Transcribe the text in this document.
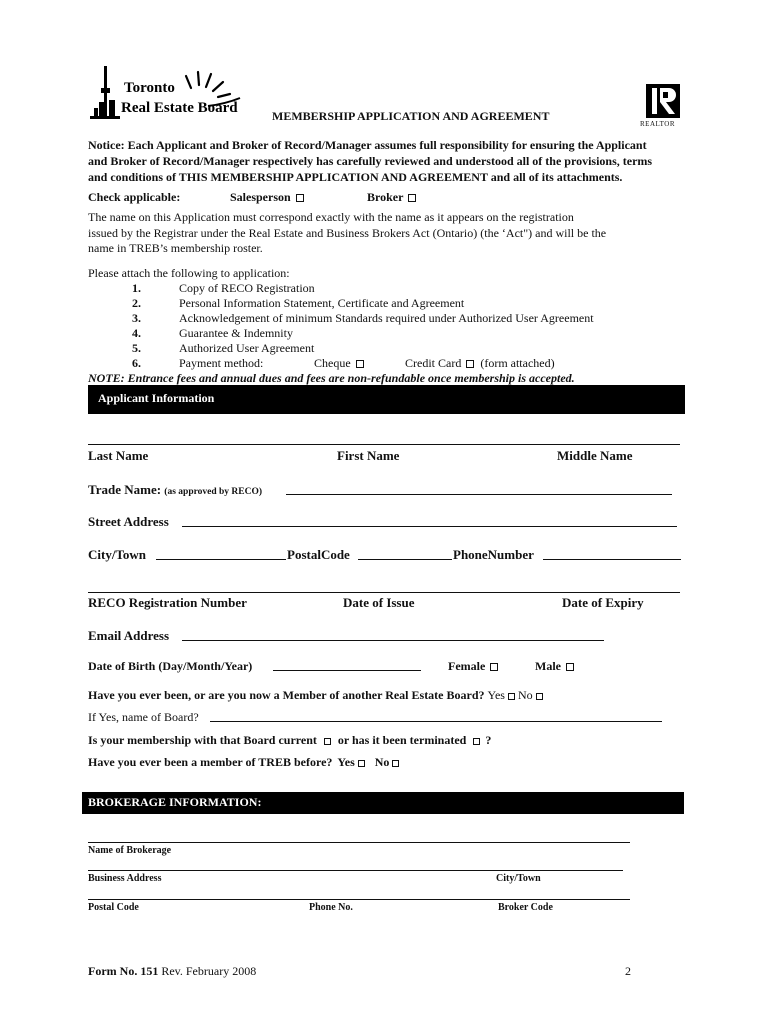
Toronto
Real Estate Board	MEMBERSHIP APPLICATION AND AGREEMENT
REALTOR
Notice: Each Applicant and Broker of Record/Manager assumes full responsibility for ensuring the Applicant
and Broker of Record/Manager respectively has carefully reviewed and understood all of the provisions, terms
and conditions of THIS MEMBERSHIP APPLICATION AND AGREEMENT and all of its attachments.
Check applicable:	Salesperson	Broker
The name on this Application must correspond exactly with the name as it appears on the registration
issued by the Registrar under the Real Estate and Business Brokers Act (Ontario) (the ‘Act") and will be the
name in TREB’s membership roster.
Please attach the following to application:
1.	Copy of RECO Registration
2.	Personal Information Statement, Certificate and Agreement
3.	Acknowledgement of minimum Standards required under Authorized User Agreement
4.	Guarantee & Indemnity
5.	Authorized User Agreement
6.	Payment method:	Cheque	Credit Card (form attached)
NOTE: Entrance fees and annual dues and fees are non-refundable once membership is accepted.
Applicant Information
Last Name	First Name	Middle Name
Trade Name: (as approved by RECO)
Street Address
City/Town	PostalCode	PhoneNumber
RECO Registration Number	Date of Issue	Date of Expiry
Email Address
Date of Birth (Day/Month/Year)	Female	Male
Have you ever been, or are you now a Member of another Real Estate Board? Yes No
If Yes, name of Board?
Is your membership with that Board current or has it been terminated ?
Have you ever been a member of TREB before? Yes No
BROKERAGE INFORMATION:
Name of Brokerage
Business Address	City/Town
Postal Code	Phone No.	Broker Code
Form No. 151 Rev. February 2008	2
